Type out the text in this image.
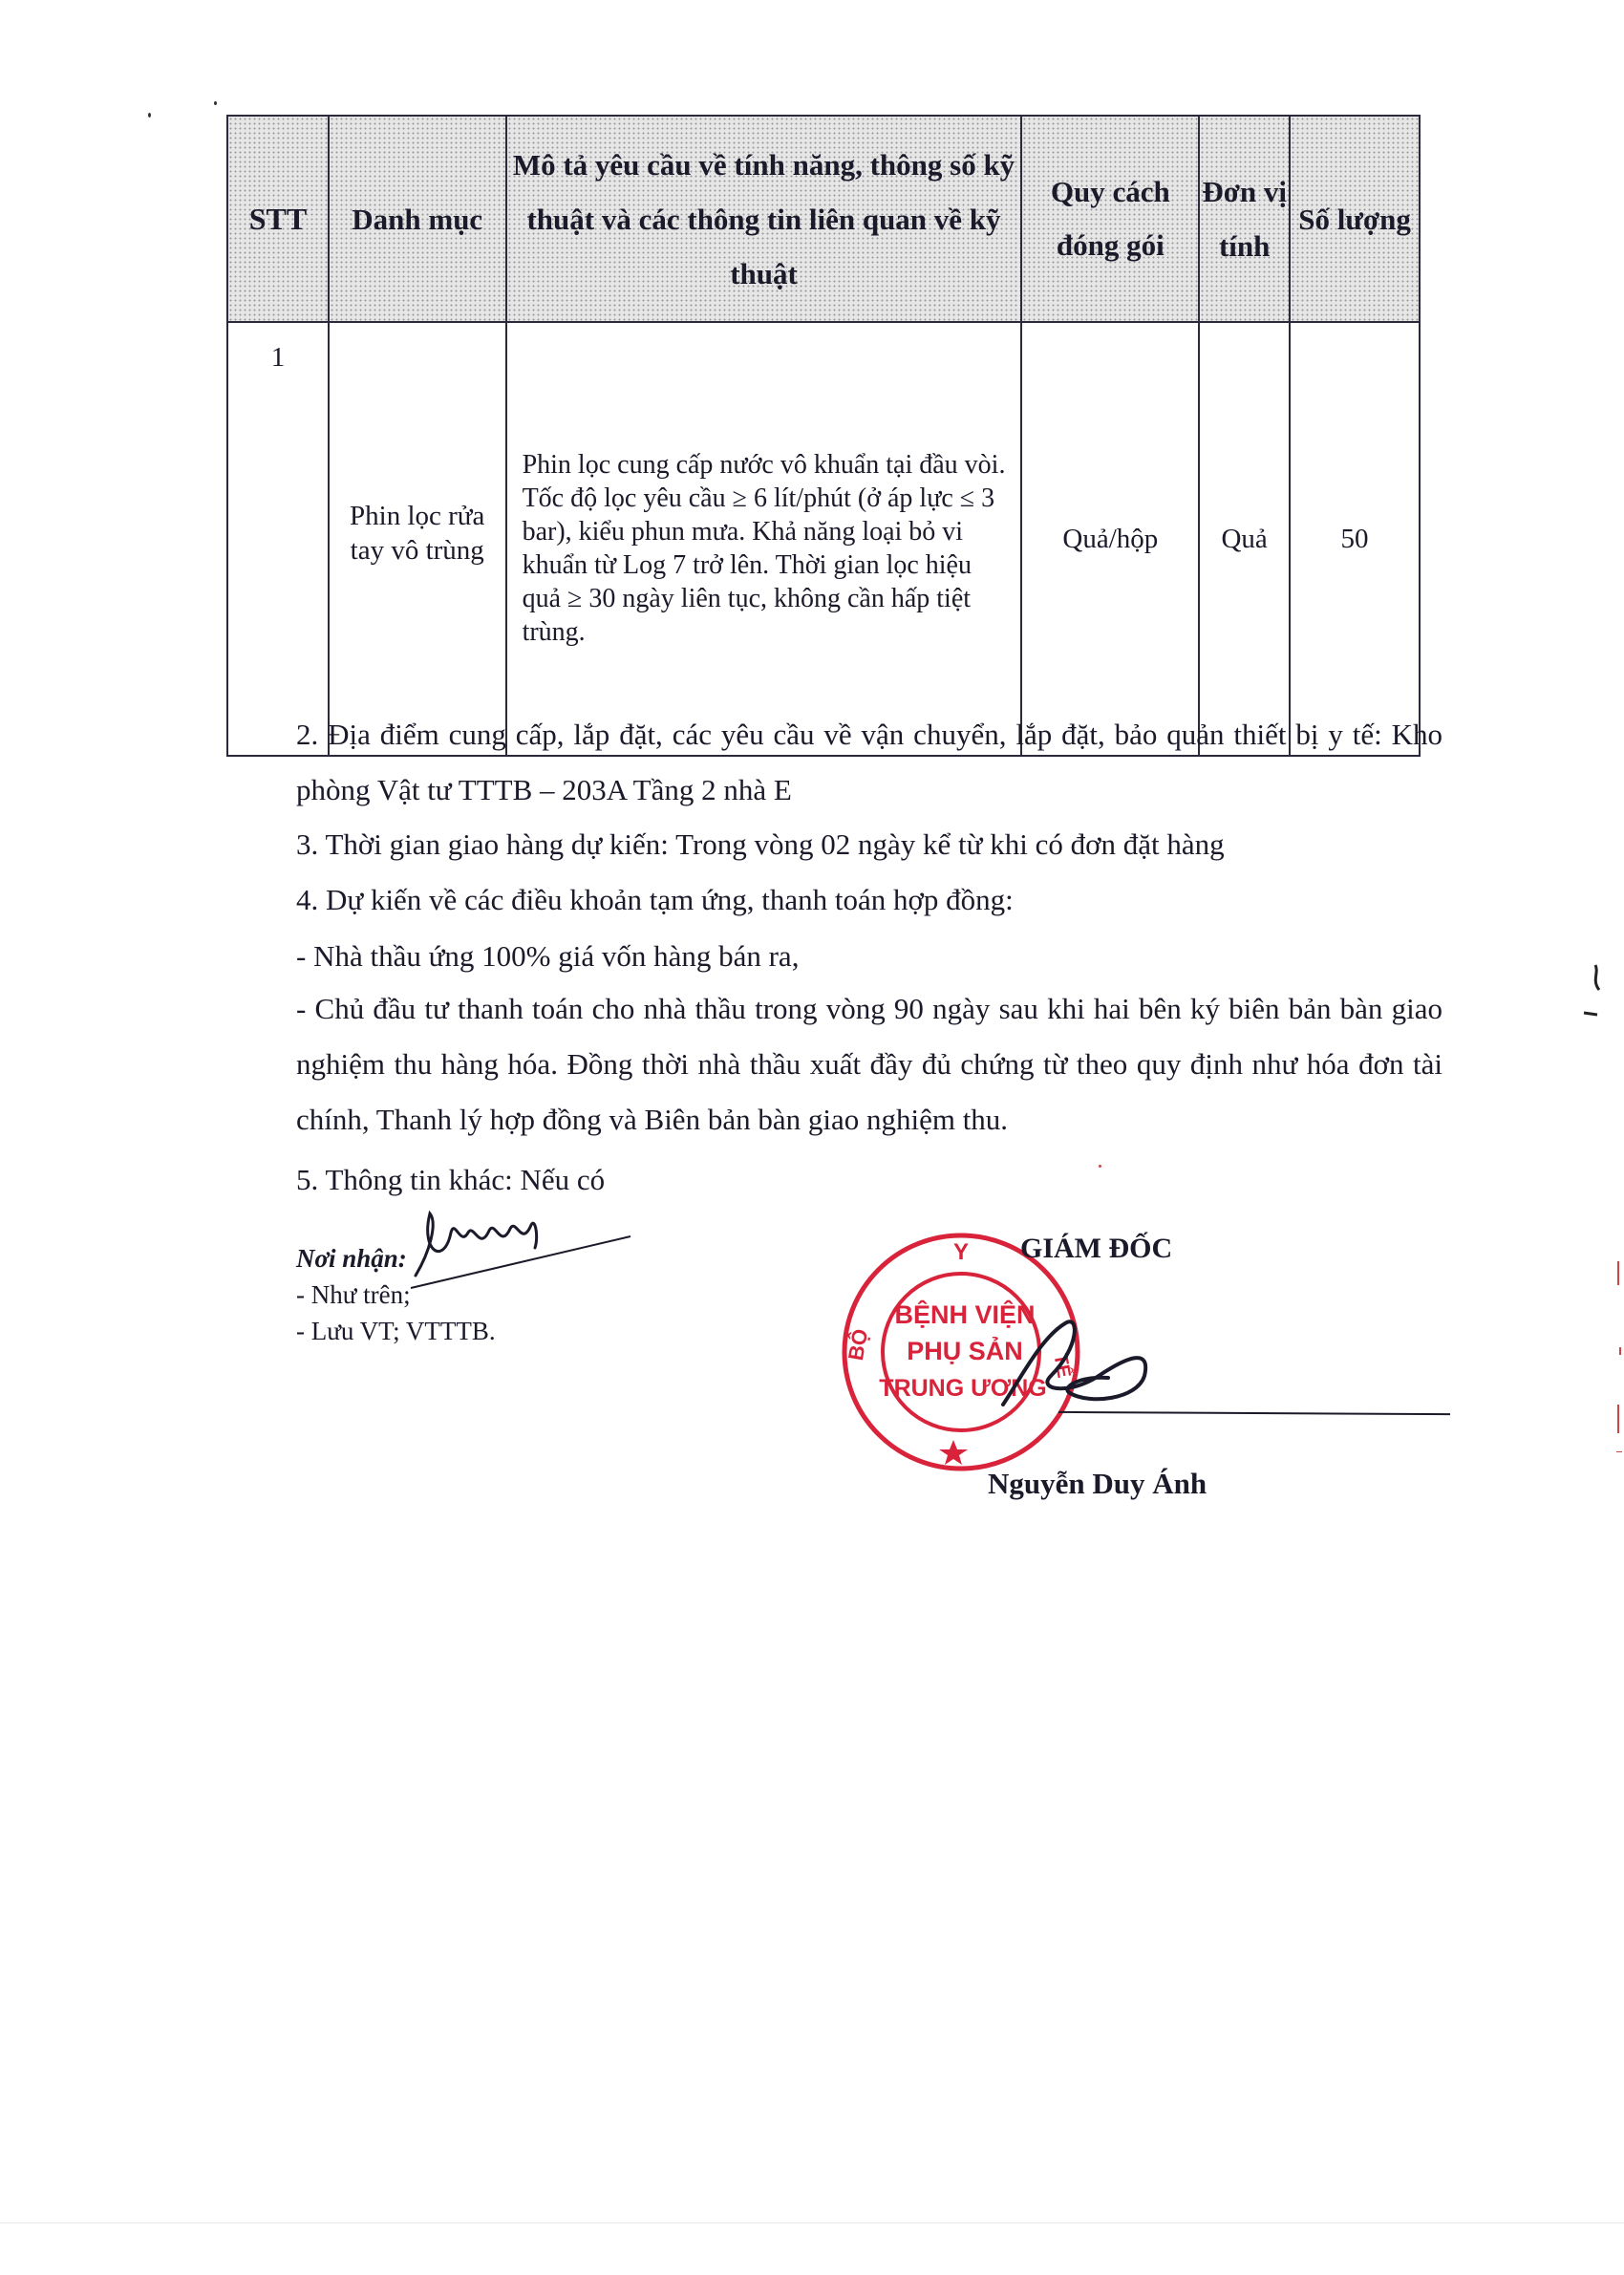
STT	Danh mục	Mô tả yêu cầu về tính năng, thông số kỹ thuật và các thông tin liên quan về kỹ thuật	Quy cách đóng gói	Đơn vị tính	Số lượng
1	Phin lọc rửa tay vô trùng	Phin lọc cung cấp nước vô khuẩn tại đầu vòi. Tốc độ lọc yêu cầu ≥ 6 lít/phút (ở áp lực ≤ 3 bar), kiểu phun mưa. Khả năng loại bỏ vi khuẩn từ Log 7 trở lên. Thời gian lọc hiệu quả ≥ 30 ngày liên tục, không cần hấp tiệt trùng.	Quả/hộp	Quả	50
2. Địa điểm cung cấp, lắp đặt, các yêu cầu về vận chuyển, lắp đặt, bảo quản thiết bị y tế: Kho phòng Vật tư TTTB – 203A Tầng 2 nhà E
3. Thời gian giao hàng dự kiến: Trong vòng 02 ngày kể từ khi có đơn đặt hàng
4. Dự kiến về các điều khoản tạm ứng, thanh toán hợp đồng:
- Nhà thầu ứng 100% giá vốn hàng bán ra,
- Chủ đầu tư thanh toán cho nhà thầu trong vòng 90 ngày sau khi hai bên ký biên bản bàn giao nghiệm thu hàng hóa. Đồng thời nhà thầu xuất đầy đủ chứng từ theo quy định như hóa đơn tài chính, Thanh lý hợp đồng và Biên bản bàn giao nghiệm thu.
5. Thông tin khác: Nếu có
Nơi nhận:
- Như trên;
- Lưu VT; VTTTB.
Y
BỘ
TẾ
BỆNH VIỆN
PHỤ SẢN
TRUNG ƯƠNG
GIÁM ĐỐC
Nguyễn Duy Ánh
